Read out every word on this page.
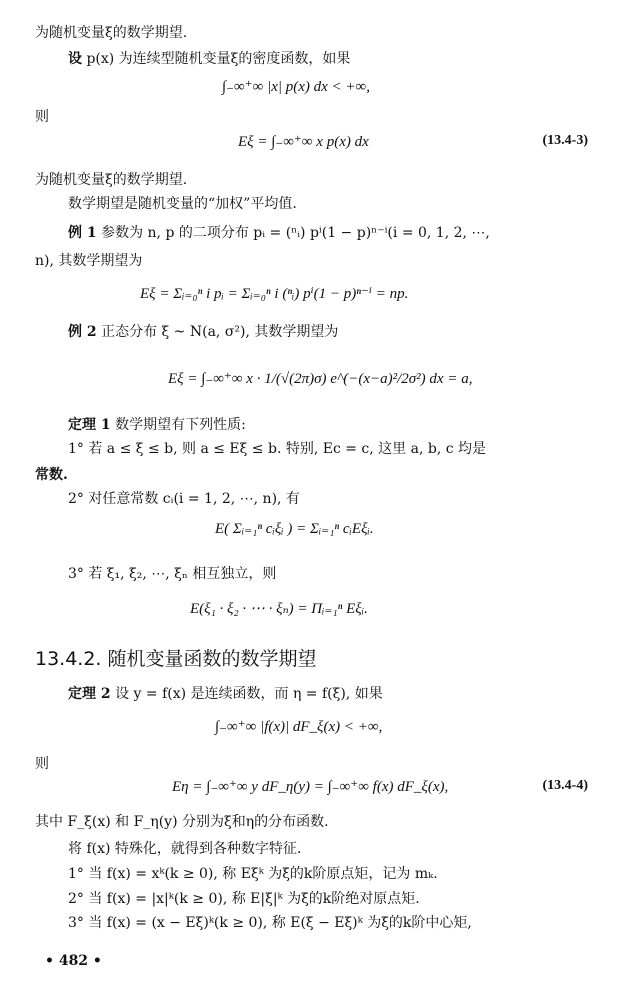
为随机变量ξ的数学期望.
设 p(x) 为连续型随机变量ξ的密度函数，如果
∫₋∞⁺∞ |x| p(x) dx < +∞,
则
Eξ = ∫₋∞⁺∞ x p(x) dx	(13.4-3)
为随机变量ξ的数学期望.
数学期望是随机变量的“加权”平均值.
例 1 参数为 n, p 的二项分布 pᵢ = (ⁿᵢ) pⁱ(1 − p)ⁿ⁻ⁱ(i = 0, 1, 2, ⋯,
n), 其数学期望为
Eξ = Σᵢ₌₀ⁿ i pᵢ = Σᵢ₌₀ⁿ i (ⁿᵢ) pⁱ(1 − p)ⁿ⁻ⁱ = np.
例 2 正态分布 ξ ~ N(a, σ²), 其数学期望为
Eξ = ∫₋∞⁺∞ x · 1/(√(2π)σ) e^(−(x−a)²/2σ²) dx = a,
定理 1 数学期望有下列性质:
1° 若 a ≤ ξ ≤ b, 则 a ≤ Eξ ≤ b. 特别, Ec = c, 这里 a, b, c 均是
常数.
2° 对任意常数 cᵢ(i = 1, 2, ⋯, n), 有
E( Σᵢ₌₁ⁿ cᵢξᵢ ) = Σᵢ₌₁ⁿ cᵢEξᵢ.
3° 若 ξ₁, ξ₂, ⋯, ξₙ 相互独立，则
E(ξ₁ · ξ₂ · ⋯ · ξₙ) = Πᵢ₌₁ⁿ Eξᵢ.
13.4.2. 随机变量函数的数学期望
定理 2 设 y = f(x) 是连续函数，而 η = f(ξ), 如果
∫₋∞⁺∞ |f(x)| dF_ξ(x) < +∞,
则
Eη = ∫₋∞⁺∞ y dF_η(y) = ∫₋∞⁺∞ f(x) dF_ξ(x),	(13.4-4)
其中 F_ξ(x) 和 F_η(y) 分别为ξ和η的分布函数.
将 f(x) 特殊化，就得到各种数字特征.
1° 当 f(x) = xᵏ(k ≥ 0), 称 Eξᵏ 为ξ的k阶原点矩，记为 mₖ.
2° 当 f(x) = |x|ᵏ(k ≥ 0), 称 E|ξ|ᵏ 为ξ的k阶绝对原点矩.
3° 当 f(x) = (x − Eξ)ᵏ(k ≥ 0), 称 E(ξ − Eξ)ᵏ 为ξ的k阶中心矩,
• 482 •
